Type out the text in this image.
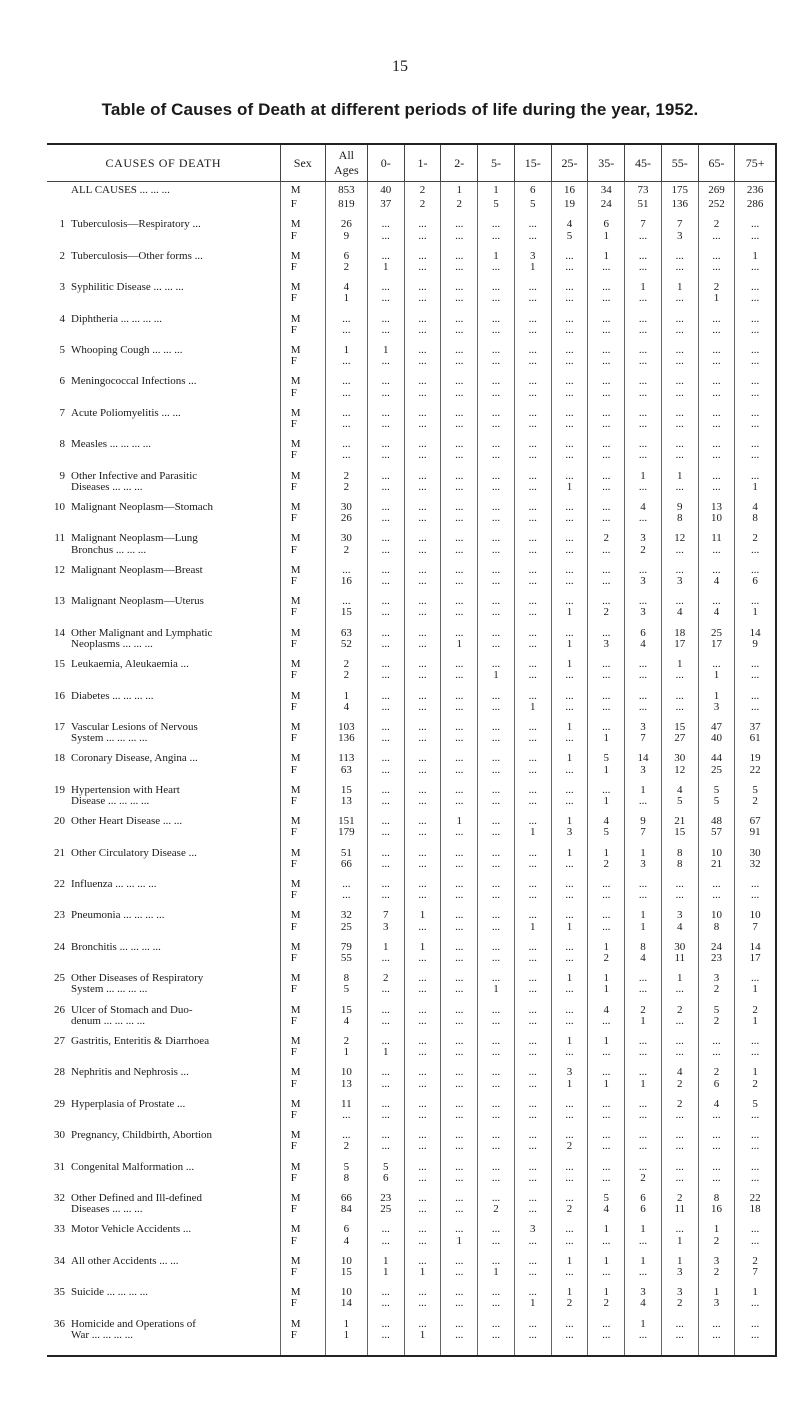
15
Table of Causes of Death at different periods of life during the year, 1952.
CAUSES OF DEATH	Sex	All Ages	0-	1-	2-	5-	15-	25-	35-	45-	55-	65-	75+
ALL CAUSES ... ... ...	M	853	40	2	1	1	6	16	34	73	175	269	236
	F	819	37	2	2	5	5	19	24	51	136	252	286

1 Tuberculosis—Respiratory ...	M	26	...	...	...	...	...	4	6	7	7	2	...
	F	9	...	...	...	...	...	5	1	...	3	...	...

2 Tuberculosis—Other forms ...	M	6	...	...	...	1	3	...	1	...	...	...	1
	F	2	1	...	...	...	1	...	...	...	...	...	...

3 Syphilitic Disease ... ... ...	M	4	...	...	...	...	...	...	...	1	1	2	...
	F	1	...	...	...	...	...	...	...	...	...	1	...

4 Diphtheria ... ... ... ...	M	...	...	...	...	...	...	...	...	...	...	...	...
	F	...	...	...	...	...	...	...	...	...	...	...	...

5 Whooping Cough ... ... ...	M	1	1	...	...	...	...	...	...	...	...	...	...
	F	...	...	...	...	...	...	...	...	...	...	...	...

6 Meningococcal Infections ...	M	...	...	...	...	...	...	...	...	...	...	...	...
	F	...	...	...	...	...	...	...	...	...	...	...	...

7 Acute Poliomyelitis ... ...	M	...	...	...	...	...	...	...	...	...	...	...	...
	F	...	...	...	...	...	...	...	...	...	...	...	...

8 Measles ... ... ... ...	M	...	...	...	...	...	...	...	...	...	...	...	...
	F	...	...	...	...	...	...	...	...	...	...	...	...

9 Other Infective and Parasitic	M	2	...	...	...	...	...	...	...	1	1	...	...
Diseases ... ... ...	F	2	...	...	...	...	...	1	...	...	...	...	1

10 Malignant Neoplasm—Stomach	M	30	...	...	...	...	...	...	...	4	9	13	4
	F	26	...	...	...	...	...	...	...	...	8	10	8

11 Malignant Neoplasm—Lung	M	30	...	...	...	...	...	...	2	3	12	11	2
Bronchus ... ... ...	F	2	...	...	...	...	...	...	...	2	...	...	...

12 Malignant Neoplasm—Breast	M	...	...	...	...	...	...	...	...	...	...	...	...
	F	16	...	...	...	...	...	...	...	3	3	4	6

13 Malignant Neoplasm—Uterus	M	...	...	...	...	...	...	...	...	...	...	...	...
	F	15	...	...	...	...	...	1	2	3	4	4	1

14 Other Malignant and Lymphatic	M	63	...	...	...	...	...	...	...	6	18	25	14
Neoplasms ... ... ...	F	52	...	...	1	...	...	1	3	4	17	17	9

15 Leukaemia, Aleukaemia ...	M	2	...	...	...	...	...	1	...	...	1	...	...
	F	2	...	...	...	1	...	...	...	...	...	1	...

16 Diabetes ... ... ... ...	M	1	...	...	...	...	...	...	...	...	...	1	...
	F	4	...	...	...	...	1	...	...	...	...	3	...

17 Vascular Lesions of Nervous	M	103	...	...	...	...	...	1	...	3	15	47	37
System ... ... ... ...	F	136	...	...	...	...	...	...	1	7	27	40	61

18 Coronary Disease, Angina ...	M	113	...	...	...	...	...	1	5	14	30	44	19
	F	63	...	...	...	...	...	...	1	3	12	25	22

19 Hypertension with Heart	M	15	...	...	...	...	...	...	...	1	4	5	5
Disease ... ... ... ...	F	13	...	...	...	...	...	...	1	...	5	5	2

20 Other Heart Disease ... ...	M	151	...	...	1	...	...	1	4	9	21	48	67
	F	179	...	...	...	...	1	3	5	7	15	57	91

21 Other Circulatory Disease ...	M	51	...	...	...	...	...	1	1	1	8	10	30
	F	66	...	...	...	...	...	...	2	3	8	21	32

22 Influenza ... ... ... ...	M	...	...	...	...	...	...	...	...	...	...	...	...
	F	...	...	...	...	...	...	...	...	...	...	...	...

23 Pneumonia ... ... ... ...	M	32	7	1	...	...	...	...	...	1	3	10	10
	F	25	3	...	...	...	1	1	...	1	4	8	7

24 Bronchitis ... ... ... ...	M	79	1	1	...	...	...	...	1	8	30	24	14
	F	55	...	...	...	...	...	...	2	4	11	23	17

25 Other Diseases of Respiratory	M	8	2	...	...	...	...	1	1	...	1	3	...
System ... ... ... ...	F	5	...	...	...	1	...	...	1	...	...	2	1

26 Ulcer of Stomach and Duo-	M	15	...	...	...	...	...	...	4	2	2	5	2
denum ... ... ... ...	F	4	...	...	...	...	...	...	...	1	...	2	1

27 Gastritis, Enteritis & Diarrhoea	M	2	...	...	...	...	...	1	1	...	...	...	...
	F	1	1	...	...	...	...	...	...	...	...	...	...

28 Nephritis and Nephrosis ...	M	10	...	...	...	...	...	3	...	...	4	2	1
	F	13	...	...	...	...	...	1	1	1	2	6	2

29 Hyperplasia of Prostate ...	M	11	...	...	...	...	...	...	...	...	2	4	5
	F	...	...	...	...	...	...	...	...	...	...	...	...

30 Pregnancy, Childbirth, Abortion	M	...	...	...	...	...	...	...	...	...	...	...	...
	F	2	...	...	...	...	...	2	...	...	...	...	...

31 Congenital Malformation ...	M	5	5	...	...	...	...	...	...	...	...	...	...
	F	8	6	...	...	...	...	...	...	2	...	...	...

32 Other Defined and Ill-defined	M	66	23	...	...	...	...	...	5	6	2	8	22
Diseases ... ... ...	F	84	25	...	...	2	...	2	4	6	11	16	18

33 Motor Vehicle Accidents ...	M	6	...	...	...	...	3	...	1	1	...	1	...
	F	4	...	...	1	...	...	...	...	...	1	2	...

34 All other Accidents ... ...	M	10	1	...	...	...	...	1	1	1	1	3	2
	F	15	1	1	...	1	...	...	...	...	3	2	7

35 Suicide ... ... ... ...	M	10	...	...	...	...	...	1	1	3	3	1	1
	F	14	...	...	...	...	1	2	2	4	2	3	...

36 Homicide and Operations of	M	1	...	...	...	...	...	...	...	1	...	...	...
War ... ... ... ...	F	1	...	1	...	...	...	...	...	...	...	...	...
